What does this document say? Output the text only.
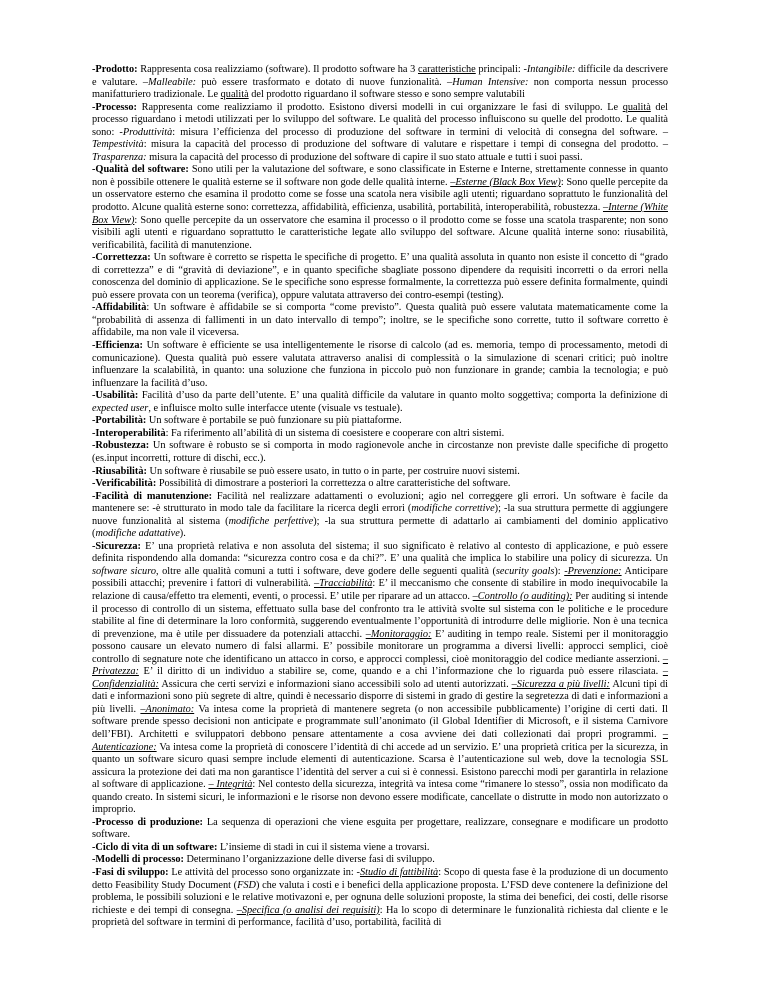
-Prodotto: Rappresenta cosa realizziamo (software). Il prodotto software ha 3 caratteristiche principali: -Intangibile: difficile da descrivere e valutare. –Malleabile: può essere trasformato e dotato di nuove funzionalità. –Human Intensive: non comporta nessun processo manifatturiero tradizionale. Le qualità del prodotto riguardano il software stesso e sono sempre valutabili

-Processo: Rappresenta come realizziamo il prodotto. Esistono diversi modelli in cui organizzare le fasi di sviluppo. Le qualità del processo riguardano i metodi utilizzati per lo sviluppo del software. Le qualità del processo influiscono su quelle del prodotto. Le qualità sono: -Produttività: misura l’efficienza del processo di produzione del software in termini di velocità di consegna del software. –Tempestività: misura la capacità del processo di produzione del software di valutare e rispettare i tempi di consegna del prodotto. –Trasparenza: misura la capacità del processo di produzione del software di capire il suo stato attuale e tutti i suoi passi.

-Qualità del software: Sono utili per la valutazione del software, e sono classificate in Esterne e Interne, strettamente connesse in quanto non è possibile ottenere le qualità esterne se il software non gode delle qualità interne. –Esterne (Black Box View): Sono quelle percepite da un osservatore esterno che esamina il prodotto come se fosse una scatola nera visibile agli utenti; riguardano soprattuto le funzionalità del prodotto. Alcune qualità esterne sono: correttezza, affidabilità, efficienza, usabilità, portabilità, interoperabilità, robustezza. –Interne (White Box View): Sono quelle percepite da un osservatore che esamina il processo o il prodotto come se fosse una scatola trasparente; non sono visibili agli utenti e riguardano soprattutto le caratteristiche legate allo sviluppo del software. Alcune qualità interne sono: riusabilità, verificabilità, facilità di manutenzione.

-Correttezza: Un software è corretto se rispetta le specifiche di progetto. E’ una qualità assoluta in quanto non esiste il concetto di “grado di correttezza” e di “gravità di deviazione”, e in quanto specifiche sbagliate possono dipendere da requisiti incorretti o da errori nella conoscenza del dominio di applicazione. Se le specifiche sono espresse formalmente, la correttezza può essere definita formalmente, quindi può essere provata con un teorema (verifica), oppure valutata attraverso dei contro-esempi (testing).

-Affidabilità: Un software è affidabile se si comporta “come previsto”. Questa qualità può essere valutata matematicamente come la “probabilità di assenza di fallimenti in un dato intervallo di tempo”; inoltre, se le specifiche sono corrette, tutto il software corretto è affidabile, ma non vale il viceversa.

-Efficienza: Un software è efficiente se usa intelligentemente le risorse di calcolo (ad es. memoria, tempo di processamento, metodi di comunicazione). Questa qualità può essere valutata attraverso analisi di complessità o la simulazione di scenari critici; può inoltre influenzare la scalabilità, in quanto: una soluzione che funziona in piccolo può non funzionare in grande; cambia la tecnologia; e può influenzare la facilità d’uso.

-Usabilità: Facilità d’uso da parte dell’utente. E’ una qualità difficile da valutare in quanto molto soggettiva; comporta la definizione di expected user, e influisce molto sulle interfacce utente (visuale vs testuale).

-Portabilità: Un software è portabile se può funzionare su più piattaforme.

-Interoperabilità: Fa riferimento all’abilità di un sistema di coesistere e cooperare con altri sistemi.

-Robustezza: Un software è robusto se si comporta in modo ragionevole anche in circostanze non previste dalle specifiche di progetto (es.input incorretti, rotture di dischi, ecc.).

-Riusabilità: Un software è riusabile se può essere usato, in tutto o in parte, per costruire nuovi sistemi.

-Verificabilità: Possibilità di dimostrare a posteriori la correttezza o altre caratteristiche del software.

-Facilità di manutenzione: Facilità nel realizzare adattamenti o evoluzioni; agio nel correggere gli errori. Un software è facile da mantenere se: -è strutturato in modo tale da facilitare la ricerca degli errori (modifiche correttive); -la sua struttura permette di aggiungere nuove funzionalità al sistema (modifiche perfettive); -la sua struttura permette di adattarlo ai cambiamenti del dominio applicativo (modifiche adattative).

-Sicurezza: E’ una proprietà relativa e non assoluta del sistema; il suo significato è relativo al contesto di applicazione, e può essere definita rispondendo alla domanda: “sicurezza contro cosa e da chi?”. E’ una qualità che implica lo stabilire una policy di sicurezza. Un software sicuro, oltre alle qualità comuni a tutti i software, deve godere delle seguenti qualità (security goals): -Prevenzione: Anticipare possibili attacchi; prevenire i fattori di vulnerabilità. –Tracciabilità: E’ il meccanismo che consente di stabilire in modo inequivocabile la relazione di causa/effetto tra elementi, eventi, o processi. E’ utile per riparare ad un attacco. –Controllo (o auditing): Per auditing si intende il processo di controllo di un sistema, effettuato sulla base del confronto tra le attività svolte sul sistema con le politiche e le procedure stabilite al fine di determinare la loro conformità, suggerendo eventualmente l’opportunità di introdurre delle migliorie. Non è una tecnica di prevenzione, ma è utile per dissuadere da potenziali attacchi. –Monitoraggio: E’ auditing in tempo reale. Sistemi per il monitoraggio possono causare un elevato numero di falsi allarmi. E’ possibile monitorare un programma a diversi livelli: approcci semplici, cioè controllo di segnature note che identificano un attacco in corso, e approcci complessi, cioè monitoraggio del codice mediante asserzioni. –Privatezza: E’ il diritto di un individuo a stabilire se, come, quando e a chi l’informazione che lo riguarda può essere rilasciata. –Confidenzialità: Assicura che certi servizi e informazioni siano accessibili solo ad utenti autorizzati. –Sicurezza a più livelli: Alcuni tipi di dati e informazioni sono più segrete di altre, quindi è necessario disporre di sistemi in grado di gestire la segretezza di dati e informazioni a più livelli. –Anonimato: Va intesa come la proprietà di mantenere segreta (o non accessibile pubblicamente) l’origine di certi dati. Il software prende spesso decisioni non anticipate e programmate sull’anonimato (il Global Identifier di Microsoft, e il sistema Carnivore dell’FBI). Architetti e sviluppatori debbono pensare attentamente a cosa avviene dei dati collezionati dai propri programmi. –Autenticazione: Va intesa come la proprietà di conoscere l’identità di chi accede ad un servizio. E’ una proprietà critica per la sicurezza, in quanto un software sicuro quasi sempre include elementi di autenticazione. Scarsa è l’autenticazione sul web, dove la tecnologia SSL assicura la protezione dei dati ma non garantisce l’identità del server a cui si è connessi. Esistono parecchi modi per garantirla in relazione al software di applicazione. – Integrità: Nel contesto della sicurezza, integrità va intesa come “rimanere lo stesso”, ossia non modificato da quando creato. In sistemi sicuri, le informazioni e le risorse non devono essere modificate, cancellate o distrutte in modo non autorizzato o improprio.

-Processo di produzione: La sequenza di operazioni che viene esguita per progettare, realizzare, consegnare e modificare un prodotto software.

-Ciclo di vita di un software: L’insieme di stadi in cui il sistema viene a trovarsi.

-Modelli di processo: Determinano l’organizzazione delle diverse fasi di sviluppo.

-Fasi di sviluppo: Le attività del processo sono organizzate in: -Studio di fattibilità: Scopo di questa fase è la produzione di un documento detto Feasibility Study Document (FSD) che valuta i costi e i benefici della applicazione proposta. L’FSD deve contenere la definizione del problema, le possibili soluzioni e le relative motivazoni e, per ognuna delle soluzioni proposte, la stima dei benefici, dei costi, delle risorse richieste e dei tempi di consegna. –Specifica (o analisi dei requisiti): Ha lo scopo di determinare le funzionalità richiesta dal cliente e le proprietà del software in termini di performance, facilità d’uso, portabilità, facilità di
